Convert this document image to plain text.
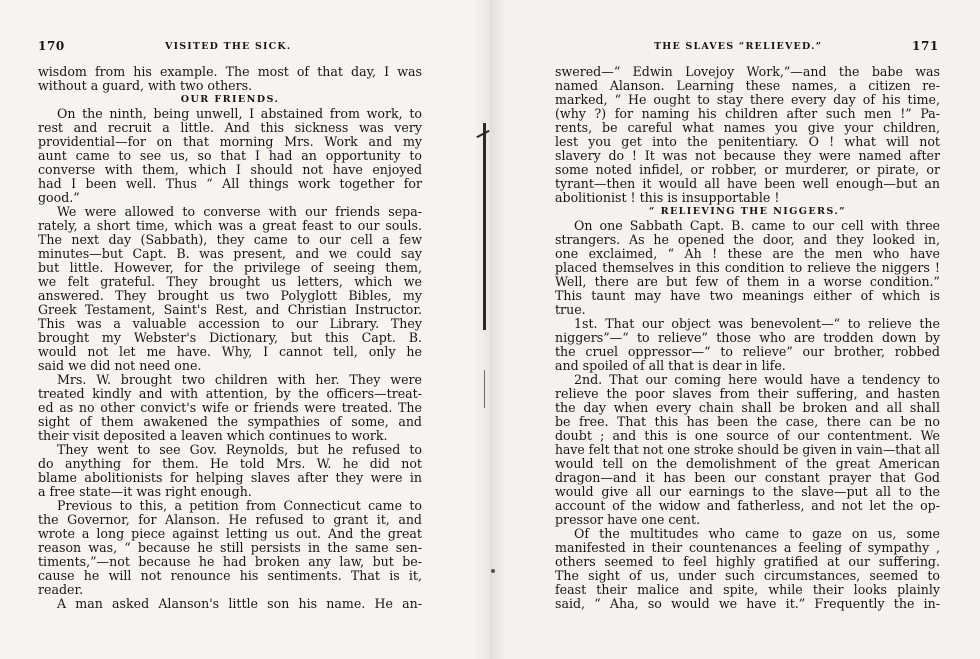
170	VISITED THE SICK.
wisdom from his example. The most of that day, I was
without a guard, with two others.
OUR FRIENDS.
On the ninth, being unwell, I abstained from work, to
rest and recruit a little. And this sickness was very
providential—for on that morning Mrs. Work and my
aunt came to see us, so that I had an opportunity to
converse with them, which I should not have enjoyed
had I been well. Thus “ All things work together for
good.”
We were allowed to converse with our friends sepa-
rately, a short time, which was a great feast to our souls.
The next day (Sabbath), they came to our cell a few
minutes—but Capt. B. was present, and we could say
but little. However, for the privilege of seeing them,
we felt grateful. They brought us letters, which we
answered. They brought us two Polyglott Bibles, my
Greek Testament, Saint's Rest, and Christian Instructor.
This was a valuable accession to our Library. They
brought my Webster's Dictionary, but this Capt. B.
would not let me have. Why, I cannot tell, only he
said we did not need one.
Mrs. W. brought two children with her. They were
treated kindly and with attention, by the officers—treat-
ed as no other convict's wife or friends were treated. The
sight of them awakened the sympathies of some, and
their visit deposited a leaven which continues to work.
They went to see Gov. Reynolds, but he refused to
do anything for them. He told Mrs. W. he did not
blame abolitionists for helping slaves after they were in
a free state—it was right enough.
Previous to this, a petition from Connecticut came to
the Governor, for Alanson. He refused to grant it, and
wrote a long piece against letting us out. And the great
reason was, “ because he still persists in the same sen-
timents,”—not because he had broken any law, but be-
cause he will not renounce his sentiments. That is it,
reader.
A man asked Alanson's little son his name. He an-
THE SLAVES “RELIEVED.”	171
swered—“ Edwin Lovejoy Work,”—and the babe was
named Alanson. Learning these names, a citizen re-
marked, “ He ought to stay there every day of his time,
(why ?) for naming his children after such men !” Pa-
rents, be careful what names you give your children,
lest you get into the penitentiary. O ! what will not
slavery do ! It was not because they were named after
some noted infidel, or robber, or murderer, or pirate, or
tyrant—then it would all have been well enough—but an
abolitionist ! this is insupportable !
“ RELIEVING THE NIGGERS.”
On one Sabbath Capt. B. came to our cell with three
strangers. As he opened the door, and they looked in,
one exclaimed, “ Ah ! these are the men who have
placed themselves in this condition to relieve the niggers !
Well, there are but few of them in a worse condition.”
This taunt may have two meanings either of which is
true.
1st. That our object was benevolent—“ to relieve the
niggers”—“ to relieve” those who are trodden down by
the cruel oppressor—“ to relieve” our brother, robbed
and spoiled of all that is dear in life.
2nd. That our coming here would have a tendency to
relieve the poor slaves from their suffering, and hasten
the day when every chain shall be broken and all shall
be free. That this has been the case, there can be no
doubt ; and this is one source of our contentment. We
have felt that not one stroke should be given in vain—that all
would tell on the demolishment of the great American
dragon—and it has been our constant prayer that God
would give all our earnings to the slave—put all to the
account of the widow and fatherless, and not let the op-
pressor have one cent.
Of the multitudes who came to gaze on us, some
manifested in their countenances a feeling of sympathy ,
others seemed to feel highly gratified at our suffering.
The sight of us, under such circumstances, seemed to
feast their malice and spite, while their looks plainly
said, “ Aha, so would we have it.” Frequently the in-
